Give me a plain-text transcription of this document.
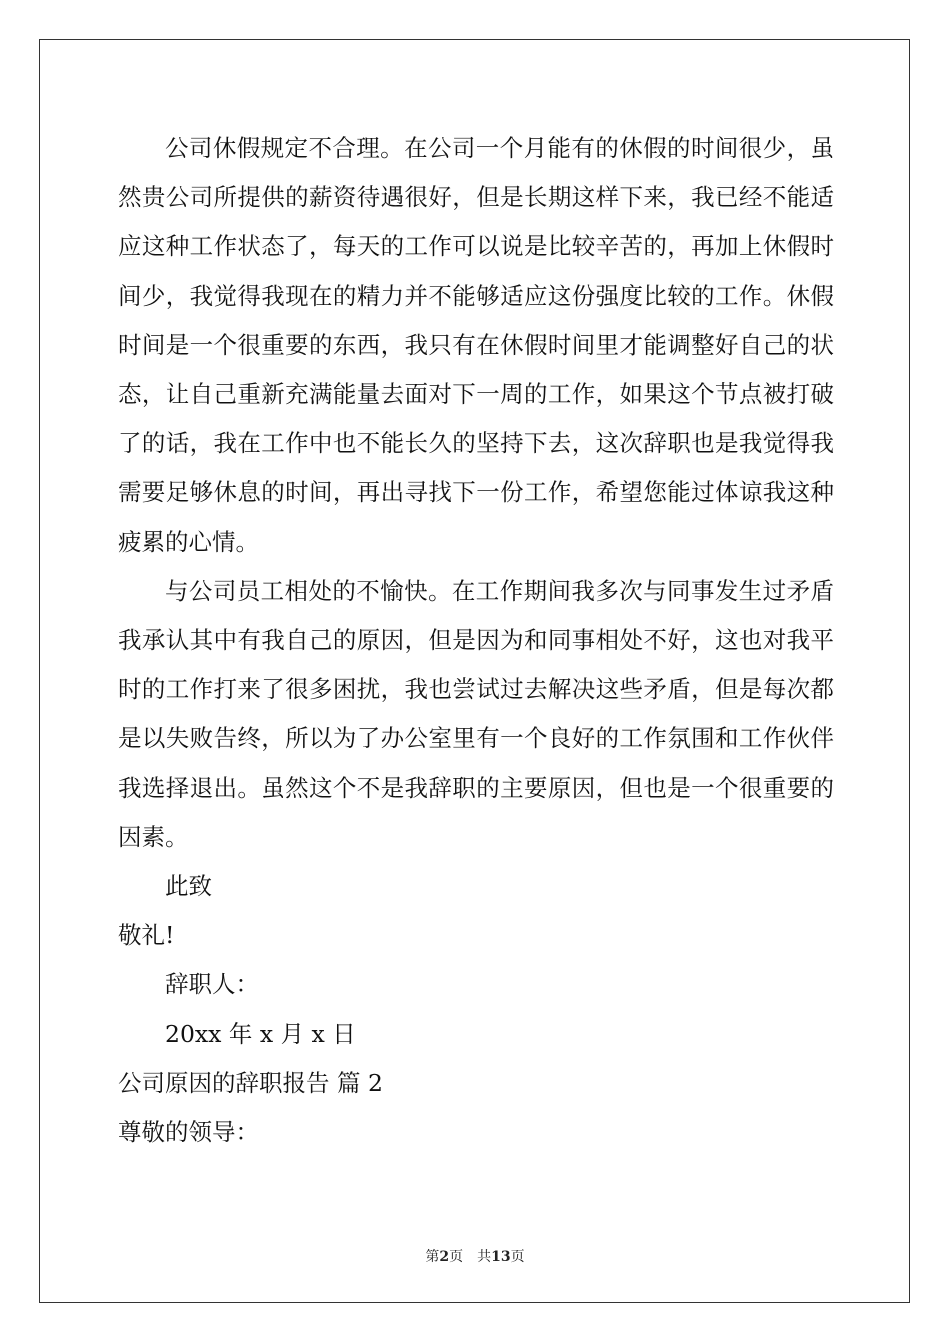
公司休假规定不合理。在公司一个月能有的休假的时间很少，虽然贵公司所提供的薪资待遇很好，但是长期这样下来，我已经不能适应这种工作状态了，每天的工作可以说是比较辛苦的，再加上休假时间少，我觉得我现在的精力并不能够适应这份强度比较的工作。休假时间是一个很重要的东西，我只有在休假时间里才能调整好自己的状态，让自己重新充满能量去面对下一周的工作，如果这个节点被打破了的话，我在工作中也不能长久的坚持下去，这次辞职也是我觉得我需要足够休息的时间，再出寻找下一份工作，希望您能过体谅我这种疲累的心情。

与公司员工相处的不愉快。在工作期间我多次与同事发生过矛盾我承认其中有我自己的原因，但是因为和同事相处不好，这也对我平时的工作打来了很多困扰，我也尝试过去解决这些矛盾，但是每次都是以失败告终，所以为了办公室里有一个良好的工作氛围和工作伙伴我选择退出。虽然这个不是我辞职的主要原因，但也是一个很重要的因素。

此致

敬礼!

辞职人：

20xx 年 x 月 x 日

公司原因的辞职报告 篇 2

尊敬的领导：

第2页　共13页
